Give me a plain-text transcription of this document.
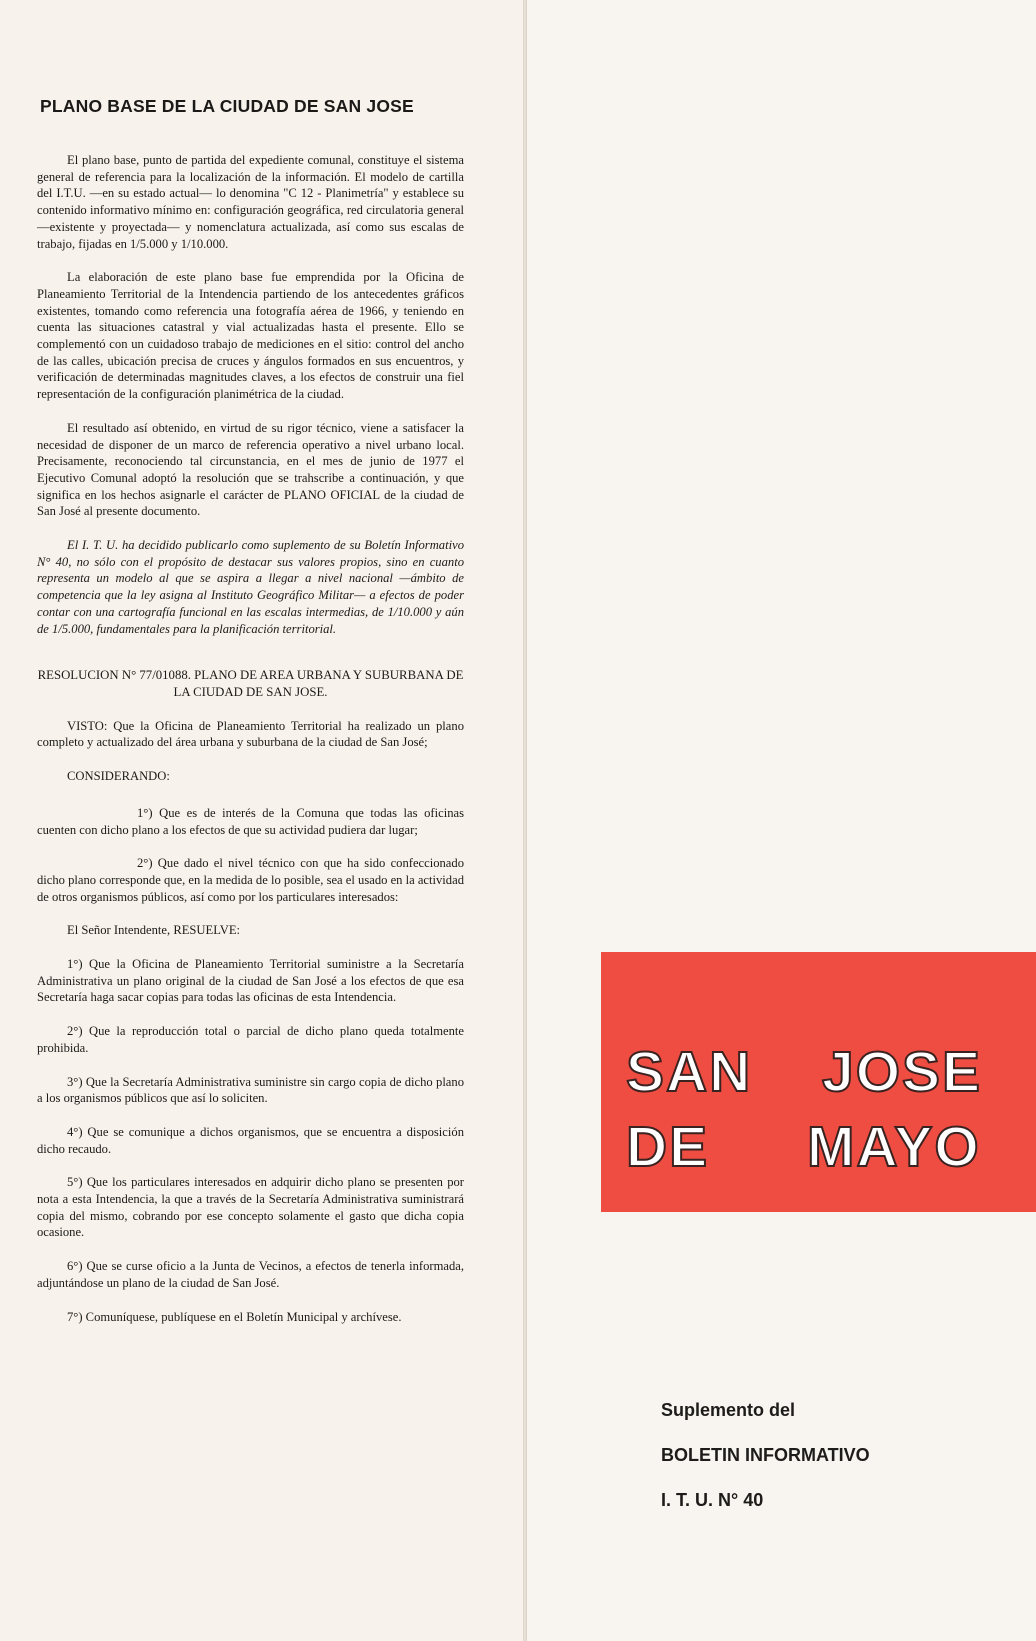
PLANO BASE DE LA CIUDAD DE SAN JOSE

El plano base, punto de partida del expediente comunal, constituye el sistema general de referencia para la localización de la información. El modelo de cartilla del I.T.U. —en su estado actual— lo denomina "C 12 - Planimetría" y establece su contenido informativo mínimo en: configuración geográfica, red circulatoria general —existente y proyectada— y nomenclatura actualizada, así como sus escalas de trabajo, fijadas en 1/5.000 y 1/10.000.

La elaboración de este plano base fue emprendida por la Oficina de Planeamiento Territorial de la Intendencia partiendo de los antecedentes gráficos existentes, tomando como referencia una fotografía aérea de 1966, y teniendo en cuenta las situaciones catastral y vial actualizadas hasta el presente. Ello se complementó con un cuidadoso trabajo de mediciones en el sitio: control del ancho de las calles, ubicación precisa de cruces y ángulos formados en sus encuentros, y verificación de determinadas magnitudes claves, a los efectos de construir una fiel representación de la configuración planimétrica de la ciudad.

El resultado así obtenido, en virtud de su rigor técnico, viene a satisfacer la necesidad de disponer de un marco de referencia operativo a nivel urbano local. Precisamente, reconociendo tal circunstancia, en el mes de junio de 1977 el Ejecutivo Comunal adoptó la resolución que se trahscribe a continuación, y que significa en los hechos asignarle el carácter de PLANO OFICIAL de la ciudad de San José al presente documento.

El I. T. U. ha decidido publicarlo como suplemento de su Boletín Informativo N° 40, no sólo con el propósito de destacar sus valores propios, sino en cuanto representa un modelo al que se aspira a llegar a nivel nacional —ámbito de competencia que la ley asigna al Instituto Geográfico Militar— a efectos de poder contar con una cartografía funcional en las escalas intermedias, de 1/10.000 y aún de 1/5.000, fundamentales para la planificación territorial.

RESOLUCION N° 77/01088. PLANO DE AREA URBANA Y SUBURBANA DE LA CIUDAD DE SAN JOSE.

VISTO: Que la Oficina de Planeamiento Territorial ha realizado un plano completo y actualizado del área urbana y suburbana de la ciudad de San José;

CONSIDERANDO:

1°) Que es de interés de la Comuna que todas las oficinas cuenten con dicho plano a los efectos de que su actividad pudiera dar lugar;

2°) Que dado el nivel técnico con que ha sido confeccionado dicho plano corresponde que, en la medida de lo posible, sea el usado en la actividad de otros organismos públicos, así como por los particulares interesados:

El Señor Intendente, RESUELVE:

1°) Que la Oficina de Planeamiento Territorial suministre a la Secretaría Administrativa un plano original de la ciudad de San José a los efectos de que esa Secretaría haga sacar copias para todas las oficinas de esta Intendencia.

2°) Que la reproducción total o parcial de dicho plano queda totalmente prohibida.

3°) Que la Secretaría Administrativa suministre sin cargo copia de dicho plano a los organismos públicos que así lo soliciten.

4°) Que se comunique a dichos organismos, que se encuentra a disposición dicho recaudo.

5°) Que los particulares interesados en adquirir dicho plano se presenten por nota a esta Intendencia, la que a través de la Secretaría Administrativa suministrará copia del mismo, cobrando por ese concepto solamente el gasto que dicha copia ocasione.

6°) Que se curse oficio a la Junta de Vecinos, a efectos de tenerla informada, adjuntándose un plano de la ciudad de San José.

7°) Comuníquese, publíquese en el Boletín Municipal y archívese.

SAN JOSE
DE MAYO
Suplemento del
BOLETIN INFORMATIVO
I. T. U. N° 40
